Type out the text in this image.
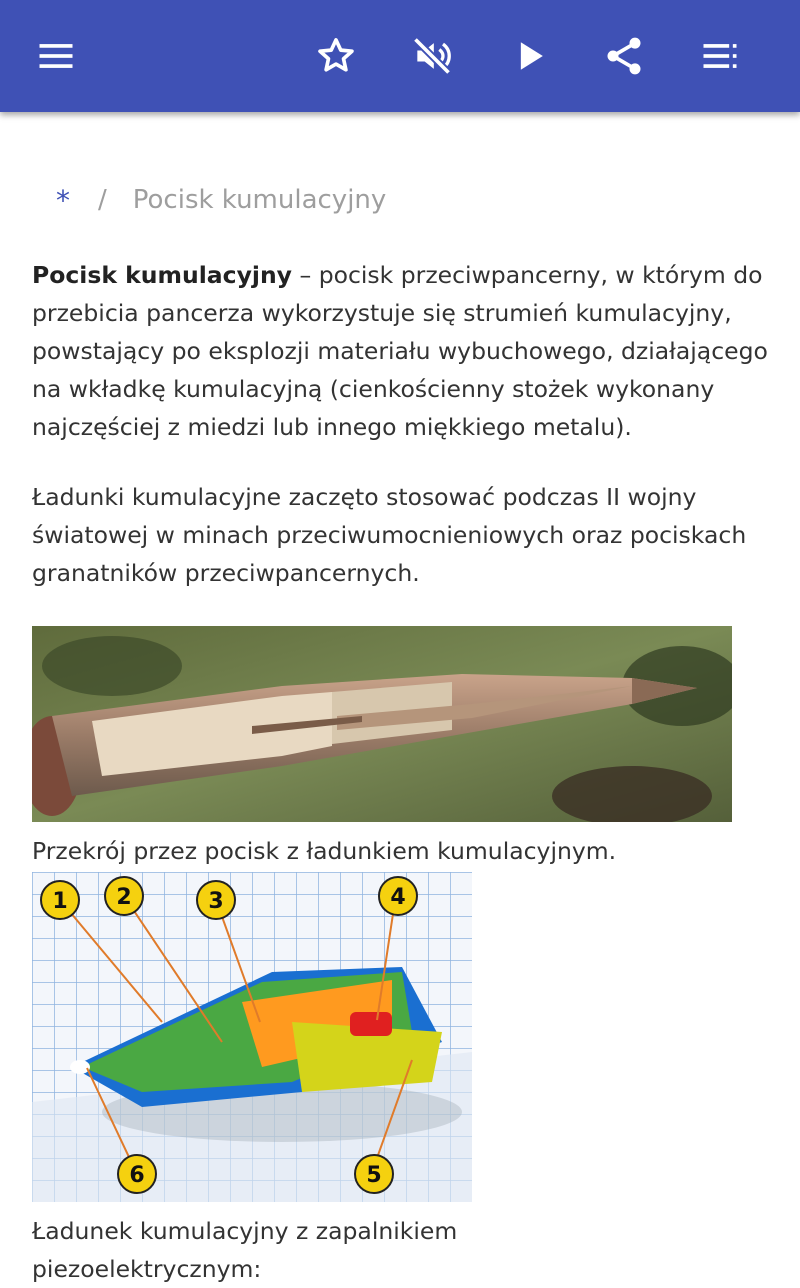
* / Pocisk kumulacyjny

Pocisk kumulacyjny – pocisk przeciwpancerny, w którym do przebicia pancerza wykorzystuje się strumień kumulacyjny, powstający po eksplozji materiału wybuchowego, działającego na wkładkę kumulacyjną (cienkościenny stożek wykonany najczęściej z miedzi lub innego miękkiego metalu).

Ładunki kumulacyjne zaczęto stosować podczas II wojny światowej w minach przeciwumocnieniowych oraz pociskach granatników przeciwpancernych.

Przekrój przez pocisk z ładunkiem kumulacyjnym.
1 2	3	4
5
6
Ładunek kumulacyjny z zapalnikiem piezoelektrycznym:
